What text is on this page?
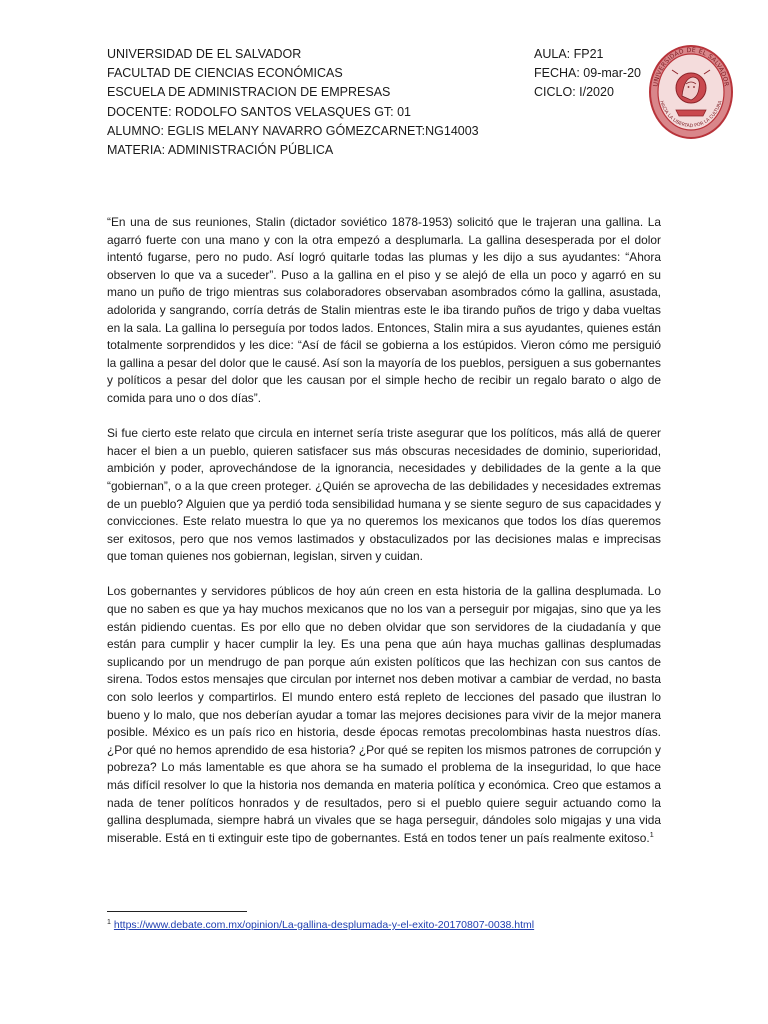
UNIVERSIDAD DE EL SALVADOR
FACULTAD DE CIENCIAS ECONÓMICAS
ESCUELA DE ADMINISTRACION DE EMPRESAS
DOCENTE: RODOLFO SANTOS VELASQUES GT: 01
ALUMNO: EGLIS MELANY NAVARRO GÓMEZCARNET:NG14003
MATERIA: ADMINISTRACIÓN PÚBLICA
AULA: FP21
FECHA: 09-mar-20
CICLO: I/2020
UNIVERSIDAD DE EL SALVADOR
HACIA LA LIBERTAD POR LA CULTURA

“En una de sus reuniones, Stalin (dictador soviético 1878-1953) solicitó que le trajeran una gallina. La agarró fuerte con una mano y con la otra empezó a desplumarla. La gallina desesperada por el dolor intentó fugarse, pero no pudo. Así logró quitarle todas las plumas y les dijo a sus ayudantes: “Ahora observen lo que va a suceder”. Puso a la gallina en el piso y se alejó de ella un poco y agarró en su mano un puño de trigo mientras sus colaboradores observaban asombrados cómo la gallina, asustada, adolorida y sangrando, corría detrás de Stalin mientras este le iba tirando puños de trigo y daba vueltas en la sala. La gallina lo perseguía por todos lados. Entonces, Stalin mira a sus ayudantes, quienes están totalmente sorprendidos y les dice: “Así de fácil se gobierna a los estúpidos. Vieron cómo me persiguió la gallina a pesar del dolor que le causé. Así son la mayoría de los pueblos, persiguen a sus gobernantes y políticos a pesar del dolor que les causan por el simple hecho de recibir un regalo barato o algo de comida para uno o dos días”.

Si fue cierto este relato que circula en internet sería triste asegurar que los políticos, más allá de querer hacer el bien a un pueblo, quieren satisfacer sus más obscuras necesidades de dominio, superioridad, ambición y poder, aprovechándose de la ignorancia, necesidades y debilidades de la gente a la que “gobiernan”, o a la que creen proteger. ¿Quién se aprovecha de las debilidades y necesidades extremas de un pueblo? Alguien que ya perdió toda sensibilidad humana y se siente seguro de sus capacidades y convicciones. Este relato muestra lo que ya no queremos los mexicanos que todos los días queremos ser exitosos, pero que nos vemos lastimados y obstaculizados por las decisiones malas e imprecisas que toman quienes nos gobiernan, legislan, sirven y cuidan.

Los gobernantes y servidores públicos de hoy aún creen en esta historia de la gallina desplumada. Lo que no saben es que ya hay muchos mexicanos que no los van a perseguir por migajas, sino que ya les están pidiendo cuentas. Es por ello que no deben olvidar que son servidores de la ciudadanía y que están para cumplir y hacer cumplir la ley. Es una pena que aún haya muchas gallinas desplumadas suplicando por un mendrugo de pan porque aún existen políticos que las hechizan con sus cantos de sirena. Todos estos mensajes que circulan por internet nos deben motivar a cambiar de verdad, no basta con solo leerlos y compartirlos. El mundo entero está repleto de lecciones del pasado que ilustran lo bueno y lo malo, que nos deberían ayudar a tomar las mejores decisiones para vivir de la mejor manera posible. México es un país rico en historia, desde épocas remotas precolombinas hasta nuestros días. ¿Por qué no hemos aprendido de esa historia? ¿Por qué se repiten los mismos patrones de corrupción y pobreza? Lo más lamentable es que ahora se ha sumado el problema de la inseguridad, lo que hace más difícil resolver lo que la historia nos demanda en materia política y económica. Creo que estamos a nada de tener políticos honrados y de resultados, pero si el pueblo quiere seguir actuando como la gallina desplumada, siempre habrá un vivales que se haga perseguir, dándoles solo migajas y una vida miserable. Está en ti extinguir este tipo de gobernantes. Está en todos tener un país realmente exitoso.$^1$

$^1$ https://www.debate.com.mx/opinion/La-gallina-desplumada-y-el-exito-20170807-0038.html
